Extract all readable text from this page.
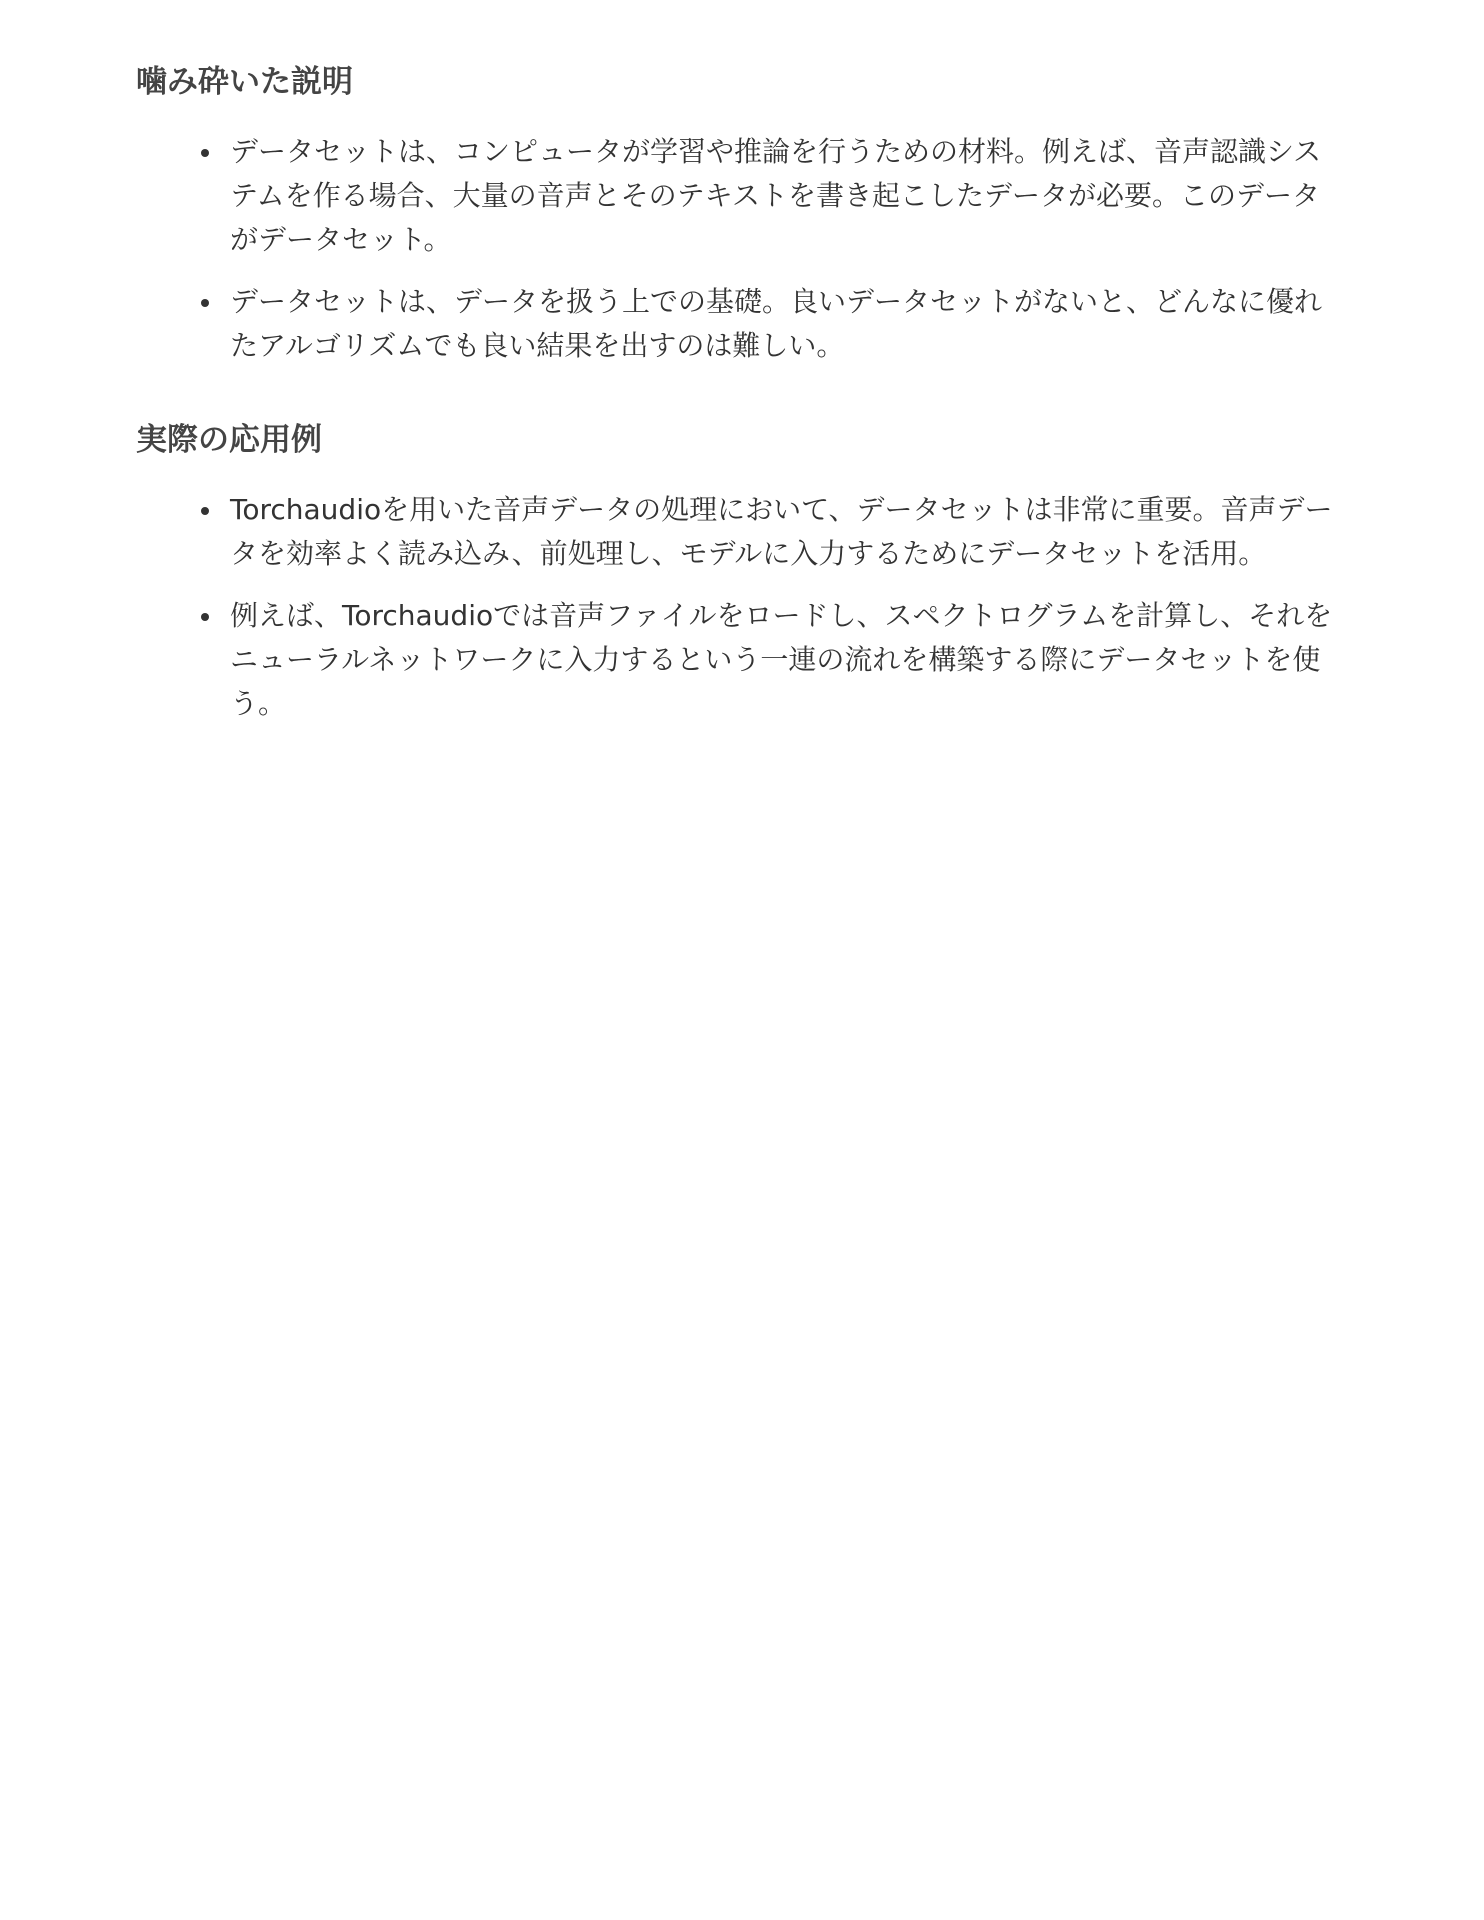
噛み砕いた説明
データセットは、コンピュータが学習や推論を行うための材料。例えば、音声認識システムを作る場合、大量の音声とそのテキストを書き起こしたデータが必要。このデータがデータセット。
データセットは、データを扱う上での基礎。良いデータセットがないと、どんなに優れたアルゴリズムでも良い結果を出すのは難しい。
実際の応用例
Torchaudioを用いた音声データの処理において、データセットは非常に重要。音声データを効率よく読み込み、前処理し、モデルに入力するためにデータセットを活用。
例えば、Torchaudioでは音声ファイルをロードし、スペクトログラムを計算し、それをニューラルネットワークに入力するという一連の流れを構築する際にデータセットを使う。
